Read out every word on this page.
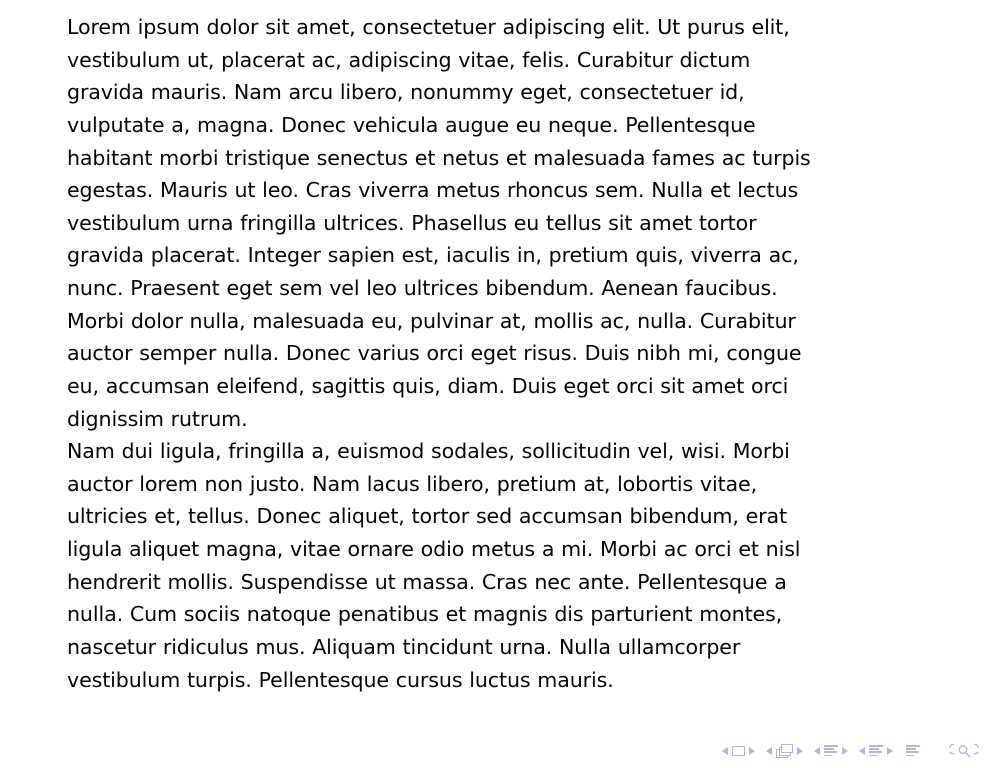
Lorem ipsum dolor sit amet, consectetuer adipiscing elit. Ut purus elit, vestibulum ut, placerat ac, adipiscing vitae, felis. Curabitur dictum gravida mauris. Nam arcu libero, nonummy eget, consectetuer id, vulputate a, magna. Donec vehicula augue eu neque. Pellentesque habitant morbi tristique senectus et netus et malesuada fames ac turpis egestas. Mauris ut leo. Cras viverra metus rhoncus sem. Nulla et lectus vestibulum urna fringilla ultrices. Phasellus eu tellus sit amet tortor gravida placerat. Integer sapien est, iaculis in, pretium quis, viverra ac, nunc. Praesent eget sem vel leo ultrices bibendum. Aenean faucibus. Morbi dolor nulla, malesuada eu, pulvinar at, mollis ac, nulla. Curabitur auctor semper nulla. Donec varius orci eget risus. Duis nibh mi, congue eu, accumsan eleifend, sagittis quis, diam. Duis eget orci sit amet orci dignissim rutrum.

Nam dui ligula, fringilla a, euismod sodales, sollicitudin vel, wisi. Morbi auctor lorem non justo. Nam lacus libero, pretium at, lobortis vitae, ultricies et, tellus. Donec aliquet, tortor sed accumsan bibendum, erat ligula aliquet magna, vitae ornare odio metus a mi. Morbi ac orci et nisl hendrerit mollis. Suspendisse ut massa. Cras nec ante. Pellentesque a nulla. Cum sociis natoque penatibus et magnis dis parturient montes, nascetur ridiculus mus. Aliquam tincidunt urna. Nulla ullamcorper vestibulum turpis. Pellentesque cursus luctus mauris.
